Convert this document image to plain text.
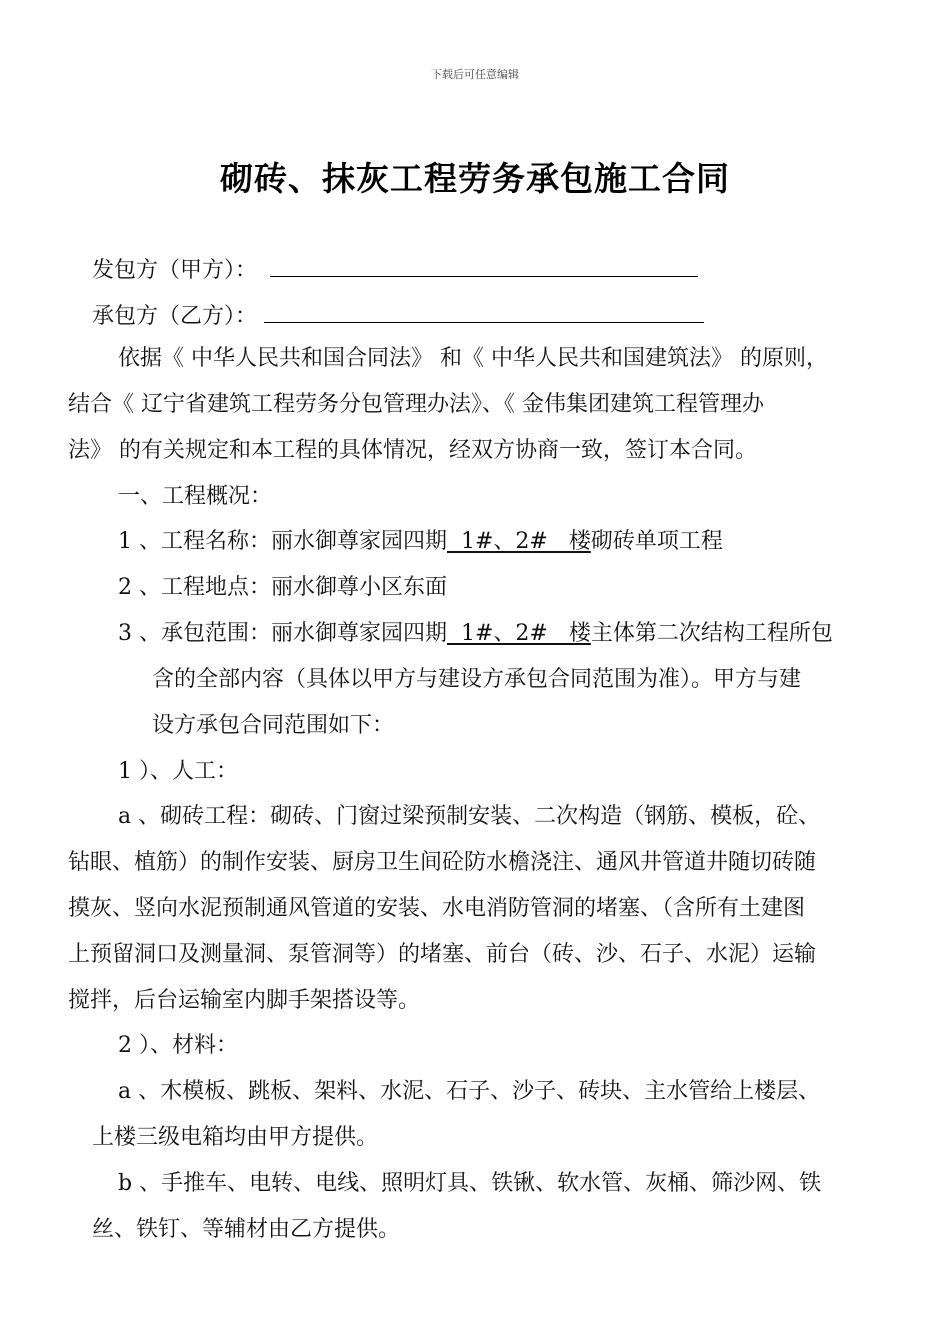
下载后可任意编辑
砌砖、抹灰工程劳务承包施工合同
发包方（甲方）：
承包方（乙方）：
依据《 中华人民共和国合同法》 和《 中华人民共和国建筑法》 的原则，
结合《 辽宁省建筑工程劳务分包管理办法》、《 金伟集团建筑工程管理办
法》 的有关规定和本工程的具体情况，经双方协商一致，签订本合同。
一、工程概况：
1 、工程名称：丽水御尊家园四期  1#、2#   楼砌砖单项工程
2 、工程地点：丽水御尊小区东面
3 、承包范围：丽水御尊家园四期  1#、2#   楼主体第二次结构工程所包
含的全部内容（具体以甲方与建设方承包合同范围为准）。甲方与建
设方承包合同范围如下：
1 ）、人工：
a 、砌砖工程：砌砖、门窗过梁预制安装、二次构造（钢筋、模板，砼、
钻眼、植筋）的制作安装、厨房卫生间砼防水檐浇注、通风井管道井随切砖随
摸灰、竖向水泥预制通风管道的安装、水电消防管洞的堵塞、（含所有土建图
上预留洞口及测量洞、泵管洞等）的堵塞、前台（砖、沙、石子、水泥）运输
搅拌，后台运输室内脚手架搭设等。
2 ）、材料：
a 、木模板、跳板、架料、水泥、石子、沙子、砖块、主水管给上楼层、
上楼三级电箱均由甲方提供。
b 、手推车、电转、电线、照明灯具、铁锹、软水管、灰桶、筛沙网、铁
丝、铁钉、等辅材由乙方提供。
